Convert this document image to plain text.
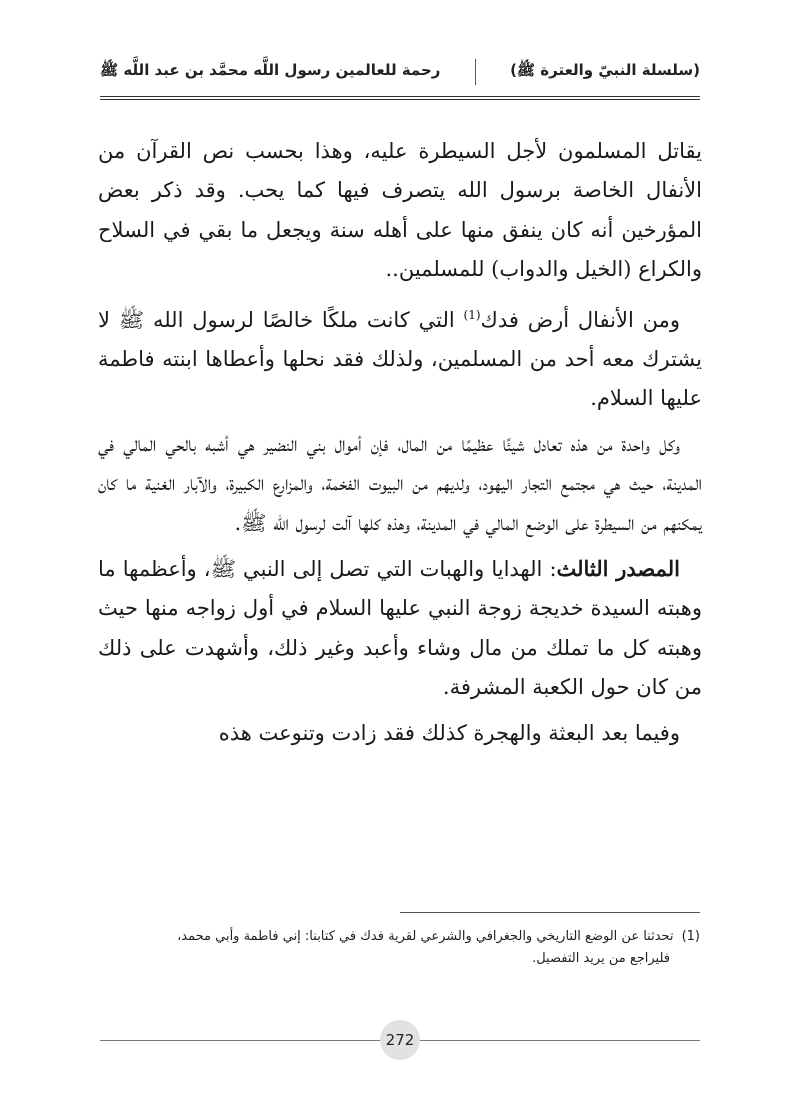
(سلسلة النبيّ والعترة ﷺ)
رحمة للعالمين رسول اللَّه محمَّد بن عبد اللَّه ﷺ

يقاتل المسلمون لأجل السيطرة عليه، وهذا بحسب نص القرآن من الأنفال الخاصة برسول الله يتصرف فيها كما يحب. وقد ذكر بعض المؤرخين أنه كان ينفق منها على أهله سنة ويجعل ما بقي في السلاح والكراع (الخيل والدواب) للمسلمين..

ومن الأنفال أرض فدك$^{(1)}$ التي كانت ملكًا خالصًا لرسول الله ﷺ لا يشترك معه أحد من المسلمين، ولذلك فقد نحلها وأعطاها ابنته فاطمة عليها السلام.

وكل واحدة من هذه تعادل شيئًا عظيمًا من المال، فإن أموال بني النضير هي أشبه بالحي المالي في المدينة، حيث هي مجتمع التجار اليهود، ولديهم من البيوت الفخمة، والمزارع الكبيرة، والآبار الغنية ما كان يمكنهم من السيطرة على الوضع المالي في المدينة، وهذه كلها آلت لرسول الله ﷺ.

المصدر الثالث: الهدايا والهبات التي تصل إلى النبي ﷺ، وأعظمها ما وهبته السيدة خديجة زوجة النبي عليها السلام في أول زواجه منها حيث وهبته كل ما تملك من مال وشاء وأعبد وغير ذلك، وأشهدت على ذلك من كان حول الكعبة المشرفة.

وفيما بعد البعثة والهجرة كذلك فقد زادت وتنوعت هذه

(1)تحدثنا عن الوضع التاريخي والجغرافي والشرعي لقرية فدك في كتابنا: إني فاطمة وأبي محمد،
فليراجع من يريد التفصيل.
272
